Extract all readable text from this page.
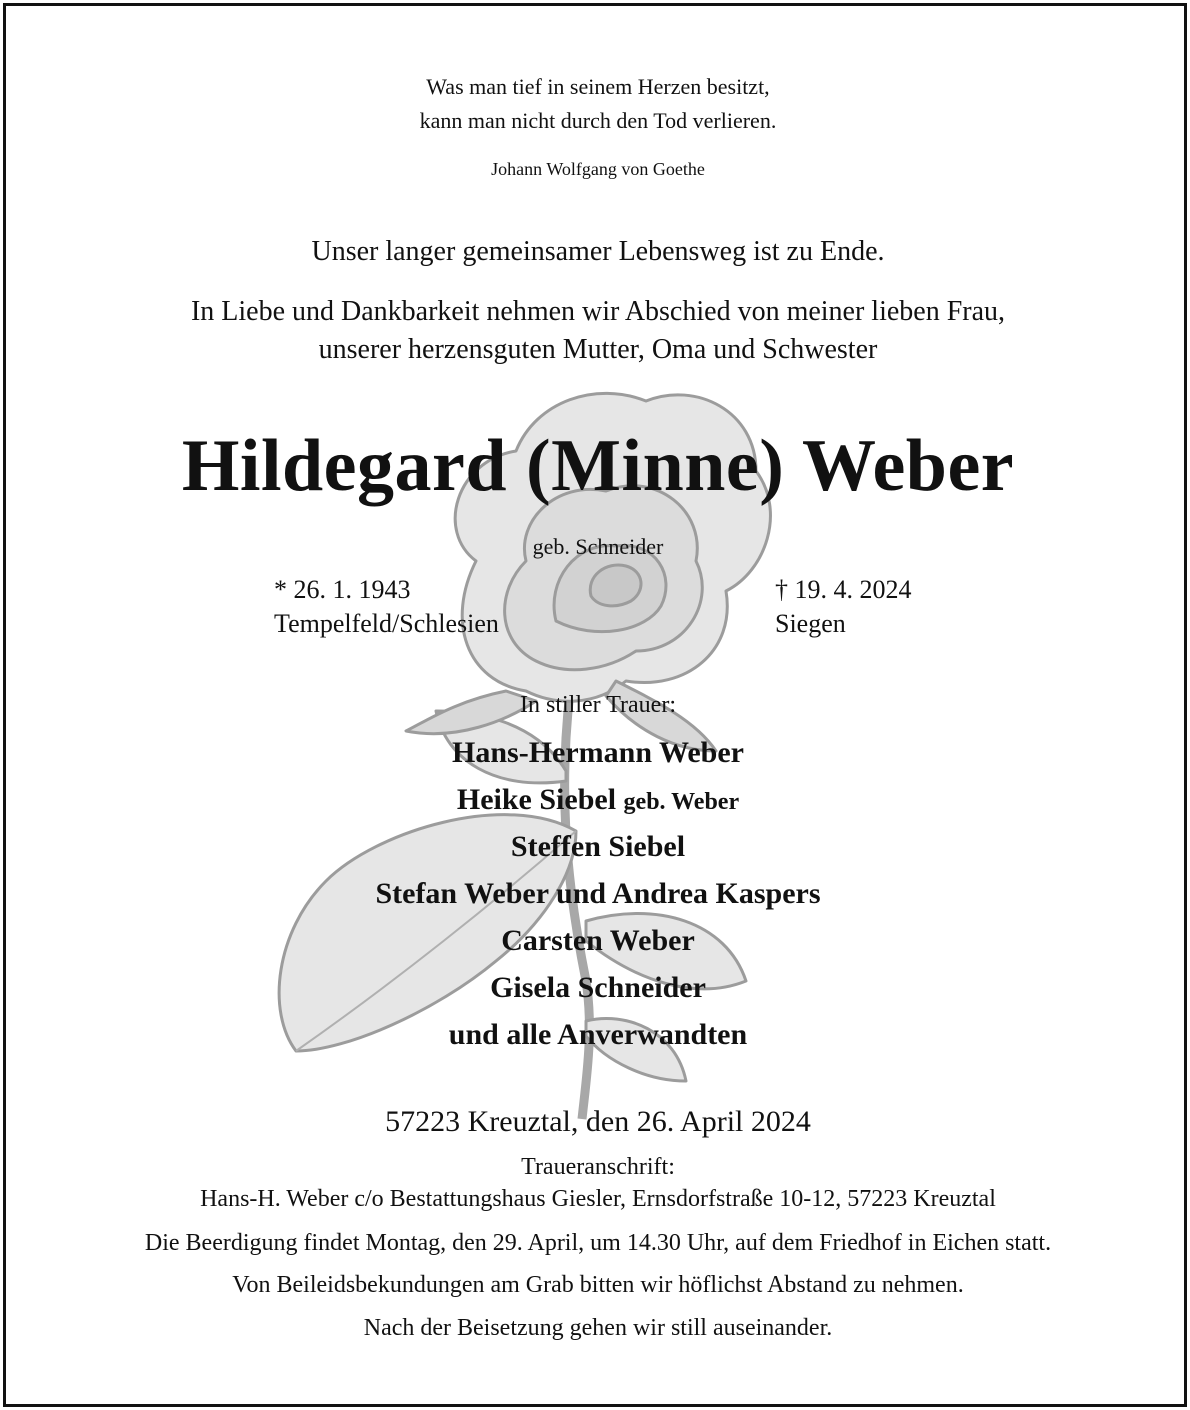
Was man tief in seinem Herzen besitzt,
kann man nicht durch den Tod verlieren.
Johann Wolfgang von Goethe
Unser langer gemeinsamer Lebensweg ist zu Ende.
In Liebe und Dankbarkeit nehmen wir Abschied von meiner lieben Frau,
unserer herzensguten Mutter, Oma und Schwester
Hildegard (Minne) Weber
geb. Schneider
* 26. 1. 1943
Tempelfeld/Schlesien
† 19. 4. 2024
Siegen
In stiller Trauer:
Hans-Hermann Weber
Heike Siebel geb. Weber
Steffen Siebel
Stefan Weber und Andrea Kaspers
Carsten Weber
Gisela Schneider
und alle Anverwandten
57223 Kreuztal, den 26. April 2024
Traueranschrift:
Hans-H. Weber c/o Bestattungshaus Giesler, Ernsdorfstraße 10-12, 57223 Kreuztal
Die Beerdigung findet Montag, den 29. April, um 14.30 Uhr, auf dem Friedhof in Eichen statt.
Von Beileidsbekundungen am Grab bitten wir höflichst Abstand zu nehmen.
Nach der Beisetzung gehen wir still auseinander.
